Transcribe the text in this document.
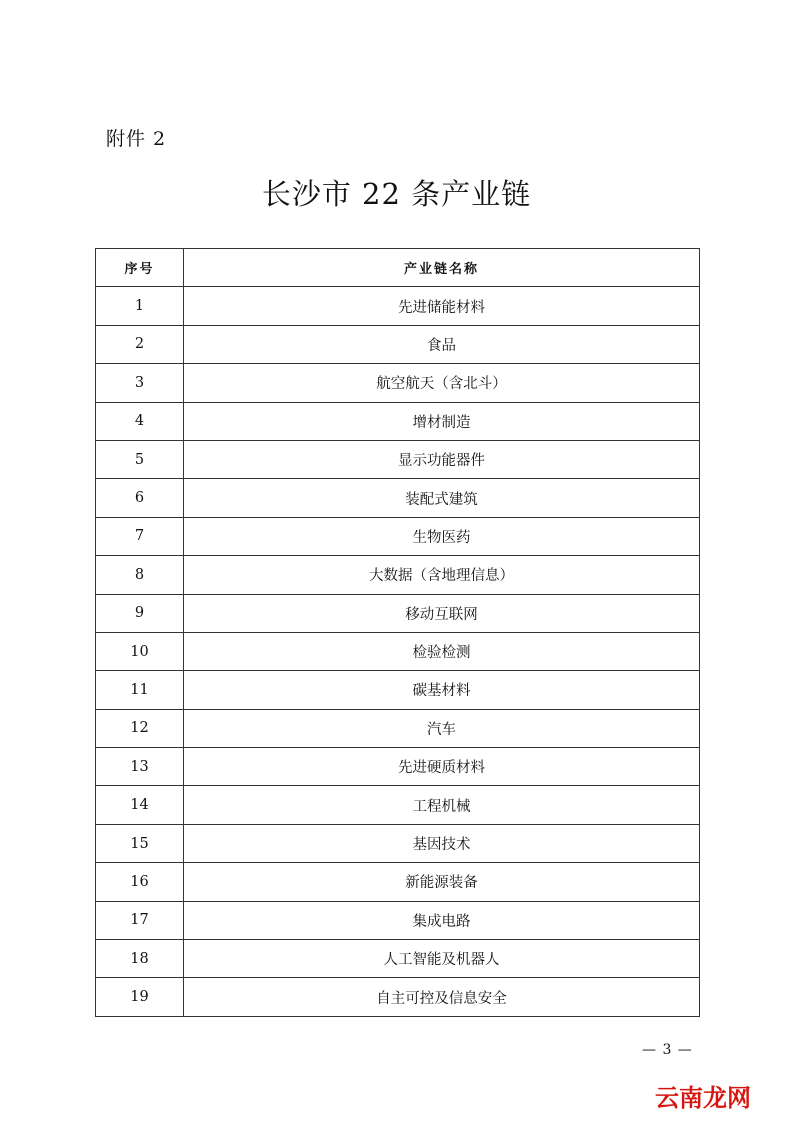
附件 2
长沙市 22 条产业链
序号	产业链名称
1	先进储能材料
2	食品
3	航空航天（含北斗）
4	增材制造
5	显示功能器件
6	装配式建筑
7	生物医药
8	大数据（含地理信息）
9	移动互联网
10	检验检测
11	碳基材料
12	汽车
13	先进硬质材料
14	工程机械
15	基因技术
16	新能源装备
17	集成电路
18	人工智能及机器人
19	自主可控及信息安全
— 3 —
云南龙网
